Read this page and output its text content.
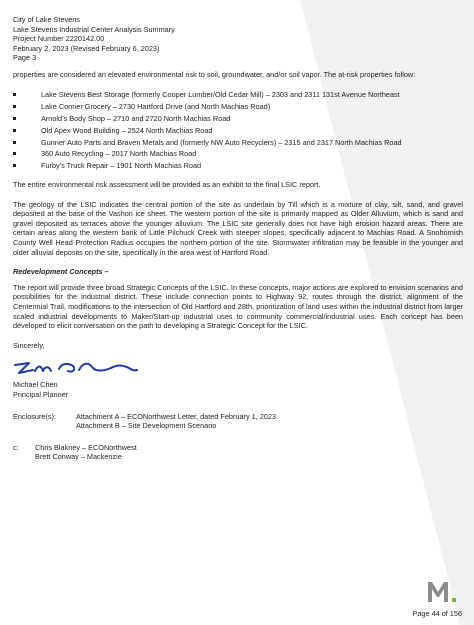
City of Lake Stevens
Lake Stevens Industrial Center Analysis Summary
Project Number 2220142.00
February 2, 2023 (Revised February 6, 2023)
Page 3

properties are considered an elevated environmental risk to soil, groundwater, and/or soil vapor. The at-risk properties follow:

Lake Stevens Best Storage (formerly Cooper Lumber/Old Cedar Mill) – 2303 and 2311 131st Avenue Northeast
Lake Conner Grocery – 2730 Hartford Drive (and North Machias Road)
Arnold’s Body Shop – 2710 and 2720 North Machias Road
Old Apex Wood Building – 2524 North Machias Road
Gunner Auto Parts and Braven Metals and (formerly NW Auto Recyclers) – 2315 and 2317 North Machias Road
360 Auto Recycling – 2017 North Machias Road
Furby’s Truck Repair – 1901 North Machias Road

The entire environmental risk assessment will be provided as an exhibit to the final LSIC report.

The geology of the LSIC indicates the central portion of the site as underlain by Till which is a mixture of clay, silt, sand, and gravel deposited at the base of the Vashon ice sheet. The western portion of the site is primarily mapped as Older Alluvium, which is sand and gravel deposited as terraces above the younger alluvium. The LSIC site generally does not have high erosion hazard areas. There are certain areas along the western bank of Little Pilchuck Creek with steeper slopes, specifically adjacent to Machias Road. A Snohomish County Well Head Protection Radius occupies the northern portion of the site. Stormwater infiltration may be feasible in the younger and older alluvial deposits on the site, specifically in the area west of Hartford Road.

Redevelopment Concepts –

The report will provide three broad Strategic Concepts of the LSIC. In these concepts, major actions are explored to envision scenarios and possibilities for the industrial district. These include connection points to Highway 92, routes through the district, alignment of the Centennial Trail, modifications to the intersection of Old Hartford and 28th, prioritization of land uses within the industrial district from larger scaled industrial developments to Maker/Start-up industrial uses to community commercial/industrial uses. Each concept has been developed to elicit conversation on the path to developing a Strategic Concept for the LSIC.

Sincerely,

Michael Chen
Principal Planner
Enclosure(s):	Attachment A – ECONorthwest Letter, dated February 1, 2023
Attachment B – Site Development Scenario
c:	Chris Blakney – ECONorthwest
Brett Conway – Mackenzie
Page 44 of 156
